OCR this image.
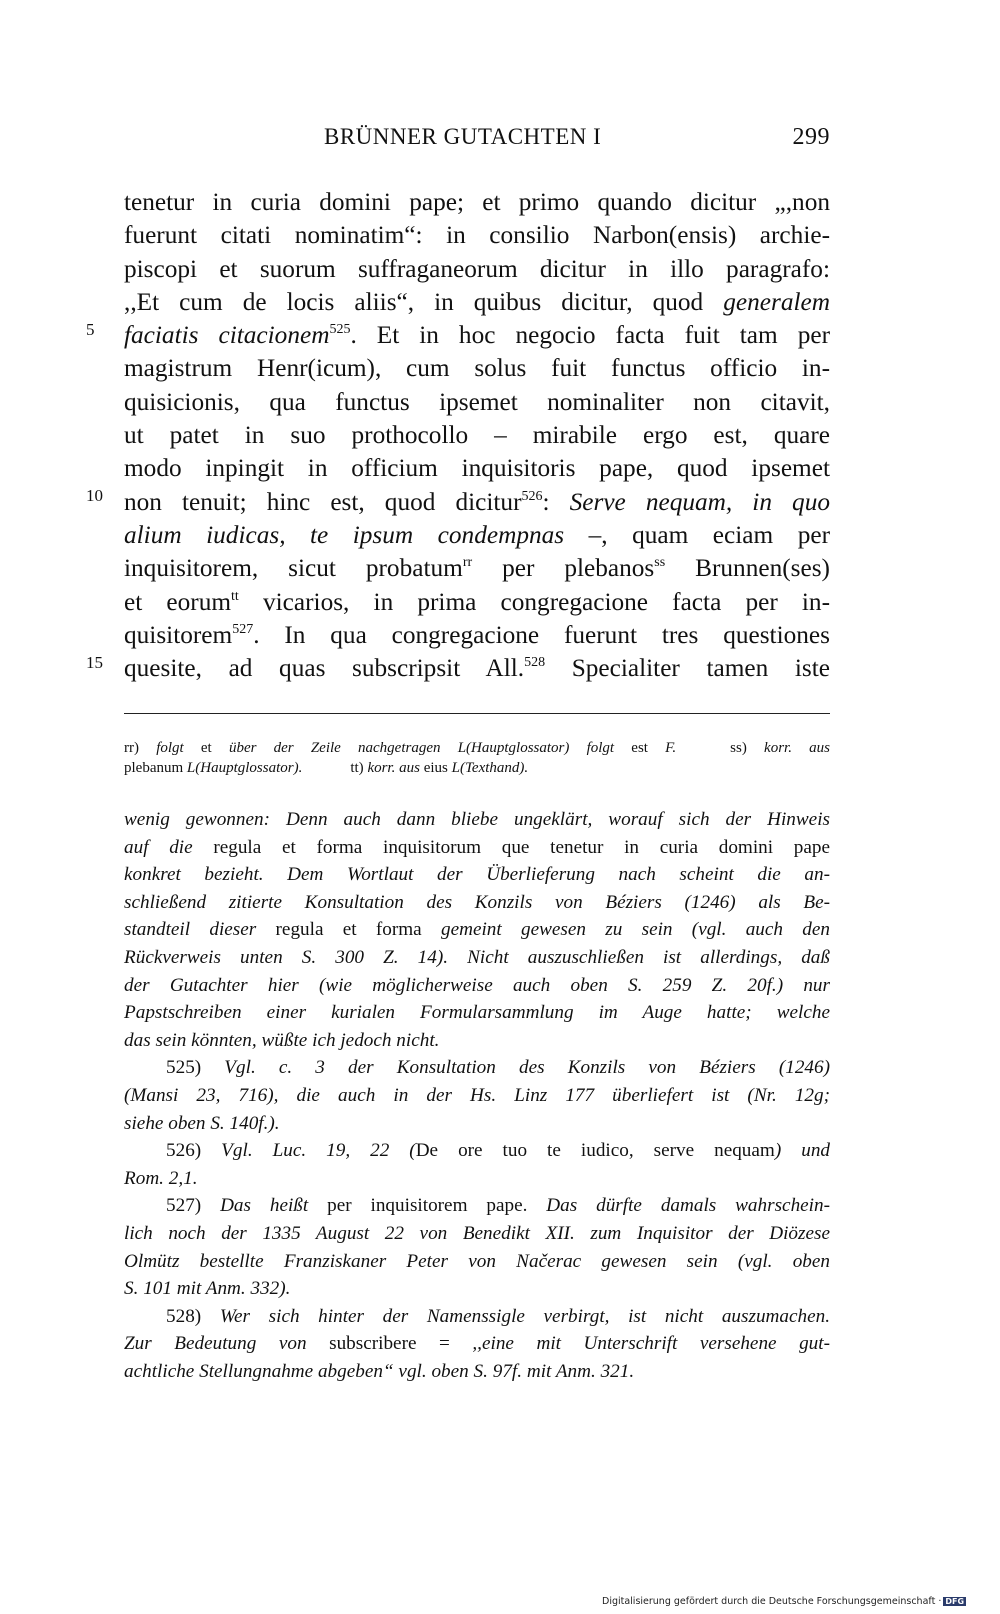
BRÜNNER GUTACHTEN I	299
5
10
15
tenetur in curia domini pape; et primo quando dicitur „,non
fuerunt citati nominatim“: in consilio Narbon(ensis) archie-
piscopi et suorum suffraganeorum dicitur in illo paragrafo:
,,Et cum de locis aliis“, in quibus dicitur, quod generalem
faciatis citacionem$^{525}$. Et in hoc negocio facta fuit tam per
magistrum Henr(icum), cum solus fuit functus officio in-
quisicionis, qua functus ipsemet nominaliter non citavit,
ut patet in suo prothocollo – mirabile ergo est, quare
modo inpingit in officium inquisitoris pape, quod ipsemet
non tenuit; hinc est, quod dicitur$^{526}$: Serve nequam, in quo
alium iudicas, te ipsum condempnas –, quam eciam per
inquisitorem, sicut probatum$^{rr}$ per plebanos$^{ss}$ Brunnen(ses)
et eorum$^{tt}$ vicarios, in prima congregacione facta per in-
quisitorem$^{527}$. In qua congregacione fuerunt tres questiones
quesite, ad quas subscripsit All.$^{528}$ Specialiter tamen iste
rr) folgt et über der Zeile nachgetragen L(Hauptglossator) folgt est F.	ss) korr. aus
plebanum L(Hauptglossator).	tt) korr. aus eius L(Texthand).
wenig gewonnen: Denn auch dann bliebe ungeklärt, worauf sich der Hinweis
auf die regula et forma inquisitorum que tenetur in curia domini pape
konkret bezieht. Dem Wortlaut der Überlieferung nach scheint die an-
schließend zitierte Konsultation des Konzils von Béziers (1246) als Be-
standteil dieser regula et forma gemeint gewesen zu sein (vgl. auch den
Rückverweis unten S. 300 Z. 14). Nicht auszuschließen ist allerdings, daß
der Gutachter hier (wie möglicherweise auch oben S. 259 Z. 20f.) nur
Papstschreiben einer kurialen Formularsammlung im Auge hatte; welche
das sein könnten, wüßte ich jedoch nicht.
525) Vgl. c. 3 der Konsultation des Konzils von Béziers (1246)
(Mansi 23, 716), die auch in der Hs. Linz 177 überliefert ist (Nr. 12g;
siehe oben S. 140f.).
526) Vgl. Luc. 19, 22 (De ore tuo te iudico, serve nequam) und
Rom. 2,1.
527) Das heißt per inquisitorem pape. Das dürfte damals wahrschein-
lich noch der 1335 August 22 von Benedikt XII. zum Inquisitor der Diözese
Olmütz bestellte Franziskaner Peter von Načerac gewesen sein (vgl. oben
S. 101 mit Anm. 332).
528) Wer sich hinter der Namenssigle verbirgt, ist nicht auszumachen.
Zur Bedeutung von subscribere = ,,eine mit Unterschrift versehene gut-
achtliche Stellungnahme abgeben“ vgl. oben S. 97f. mit Anm. 321.
Digitalisierung gefördert durch die Deutsche Forschungsgemeinschaft · DFG
